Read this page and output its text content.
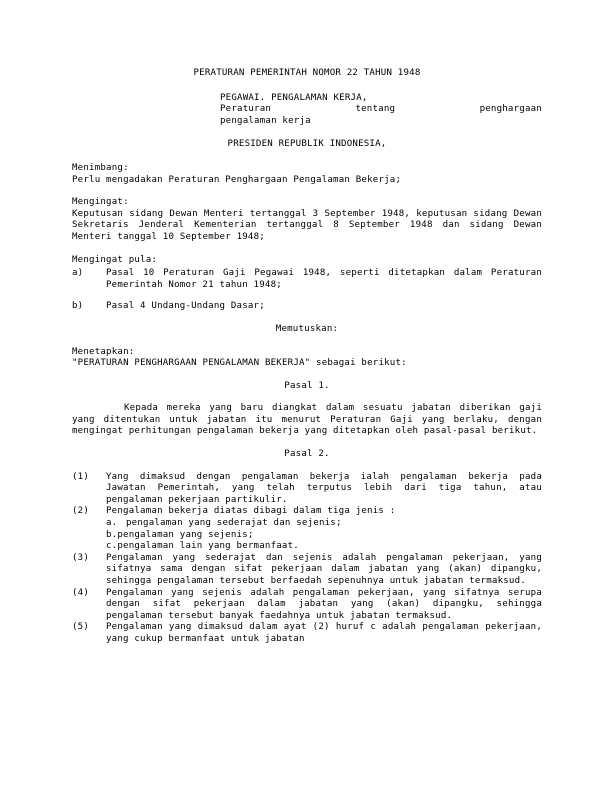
PERATURAN PEMERINTAH NOMOR 22 TAHUN 1948
PEGAWAI. PENGALAMAN KERJA,
Peraturan	tentang	penghargaan
pengalaman kerja
PRESIDEN REPUBLIK INDONESIA,
Menimbang:
Perlu mengadakan Peraturan Penghargaan Pengalaman Bekerja;
Mengingat:
Keputusan sidang Dewan Menteri tertanggal 3 September 1948, keputusan sidang Dewan Sekretaris Jenderal Kementerian tertanggal 8 September 1948 dan sidang Dewan Menteri tanggal 10 September 1948;
Mengingat pula:
a)	Pasal 10 Peraturan Gaji Pegawai 1948, seperti ditetapkan dalam Peraturan Pemerintah Nomor 21 tahun 1948;
b)	Pasal 4 Undang-Undang Dasar;
Memutuskan:
Menetapkan:
"PERATURAN PENGHARGAAN PENGALAMAN BEKERJA" sebagai berikut:
Pasal 1.
Kepada mereka yang baru diangkat dalam sesuatu jabatan diberikan gaji yang ditentukan untuk jabatan itu menurut Peraturan Gaji yang berlaku, dengan mengingat perhitungan pengalaman bekerja yang ditetapkan oleh pasal-pasal berikut.
Pasal 2.
(1)	Yang dimaksud dengan pengalaman bekerja ialah pengalaman bekerja pada Jawatan Pemerintah, yang telah terputus lebih dari tiga tahun, atau pengalaman pekerjaan partikulir.
(2)	Pengalaman bekerja diatas dibagi dalam tiga jenis :
a. pengalaman yang sederajat dan sejenis;
b.pengalaman yang sejenis;
c.pengalaman lain yang bermanfaat.
(3)	Pengalaman yang sederajat dan sejenis adalah pengalaman pekerjaan, yang sifatnya sama dengan sifat pekerjaan dalam jabatan yang (akan) dipangku, sehingga pengalaman tersebut berfaedah sepenuhnya untuk jabatan termaksud.
(4)	Pengalaman yang sejenis adalah pengalaman pekerjaan, yang sifatnya serupa dengan sifat pekerjaan dalam jabatan yang (akan) dipangku, sehingga pengalaman tersebut banyak faedahnya untuk jabatan termaksud.
(5)	Pengalaman yang dimaksud dalam ayat (2) huruf c adalah pengalaman pekerjaan, yang cukup bermanfaat untuk jabatan
